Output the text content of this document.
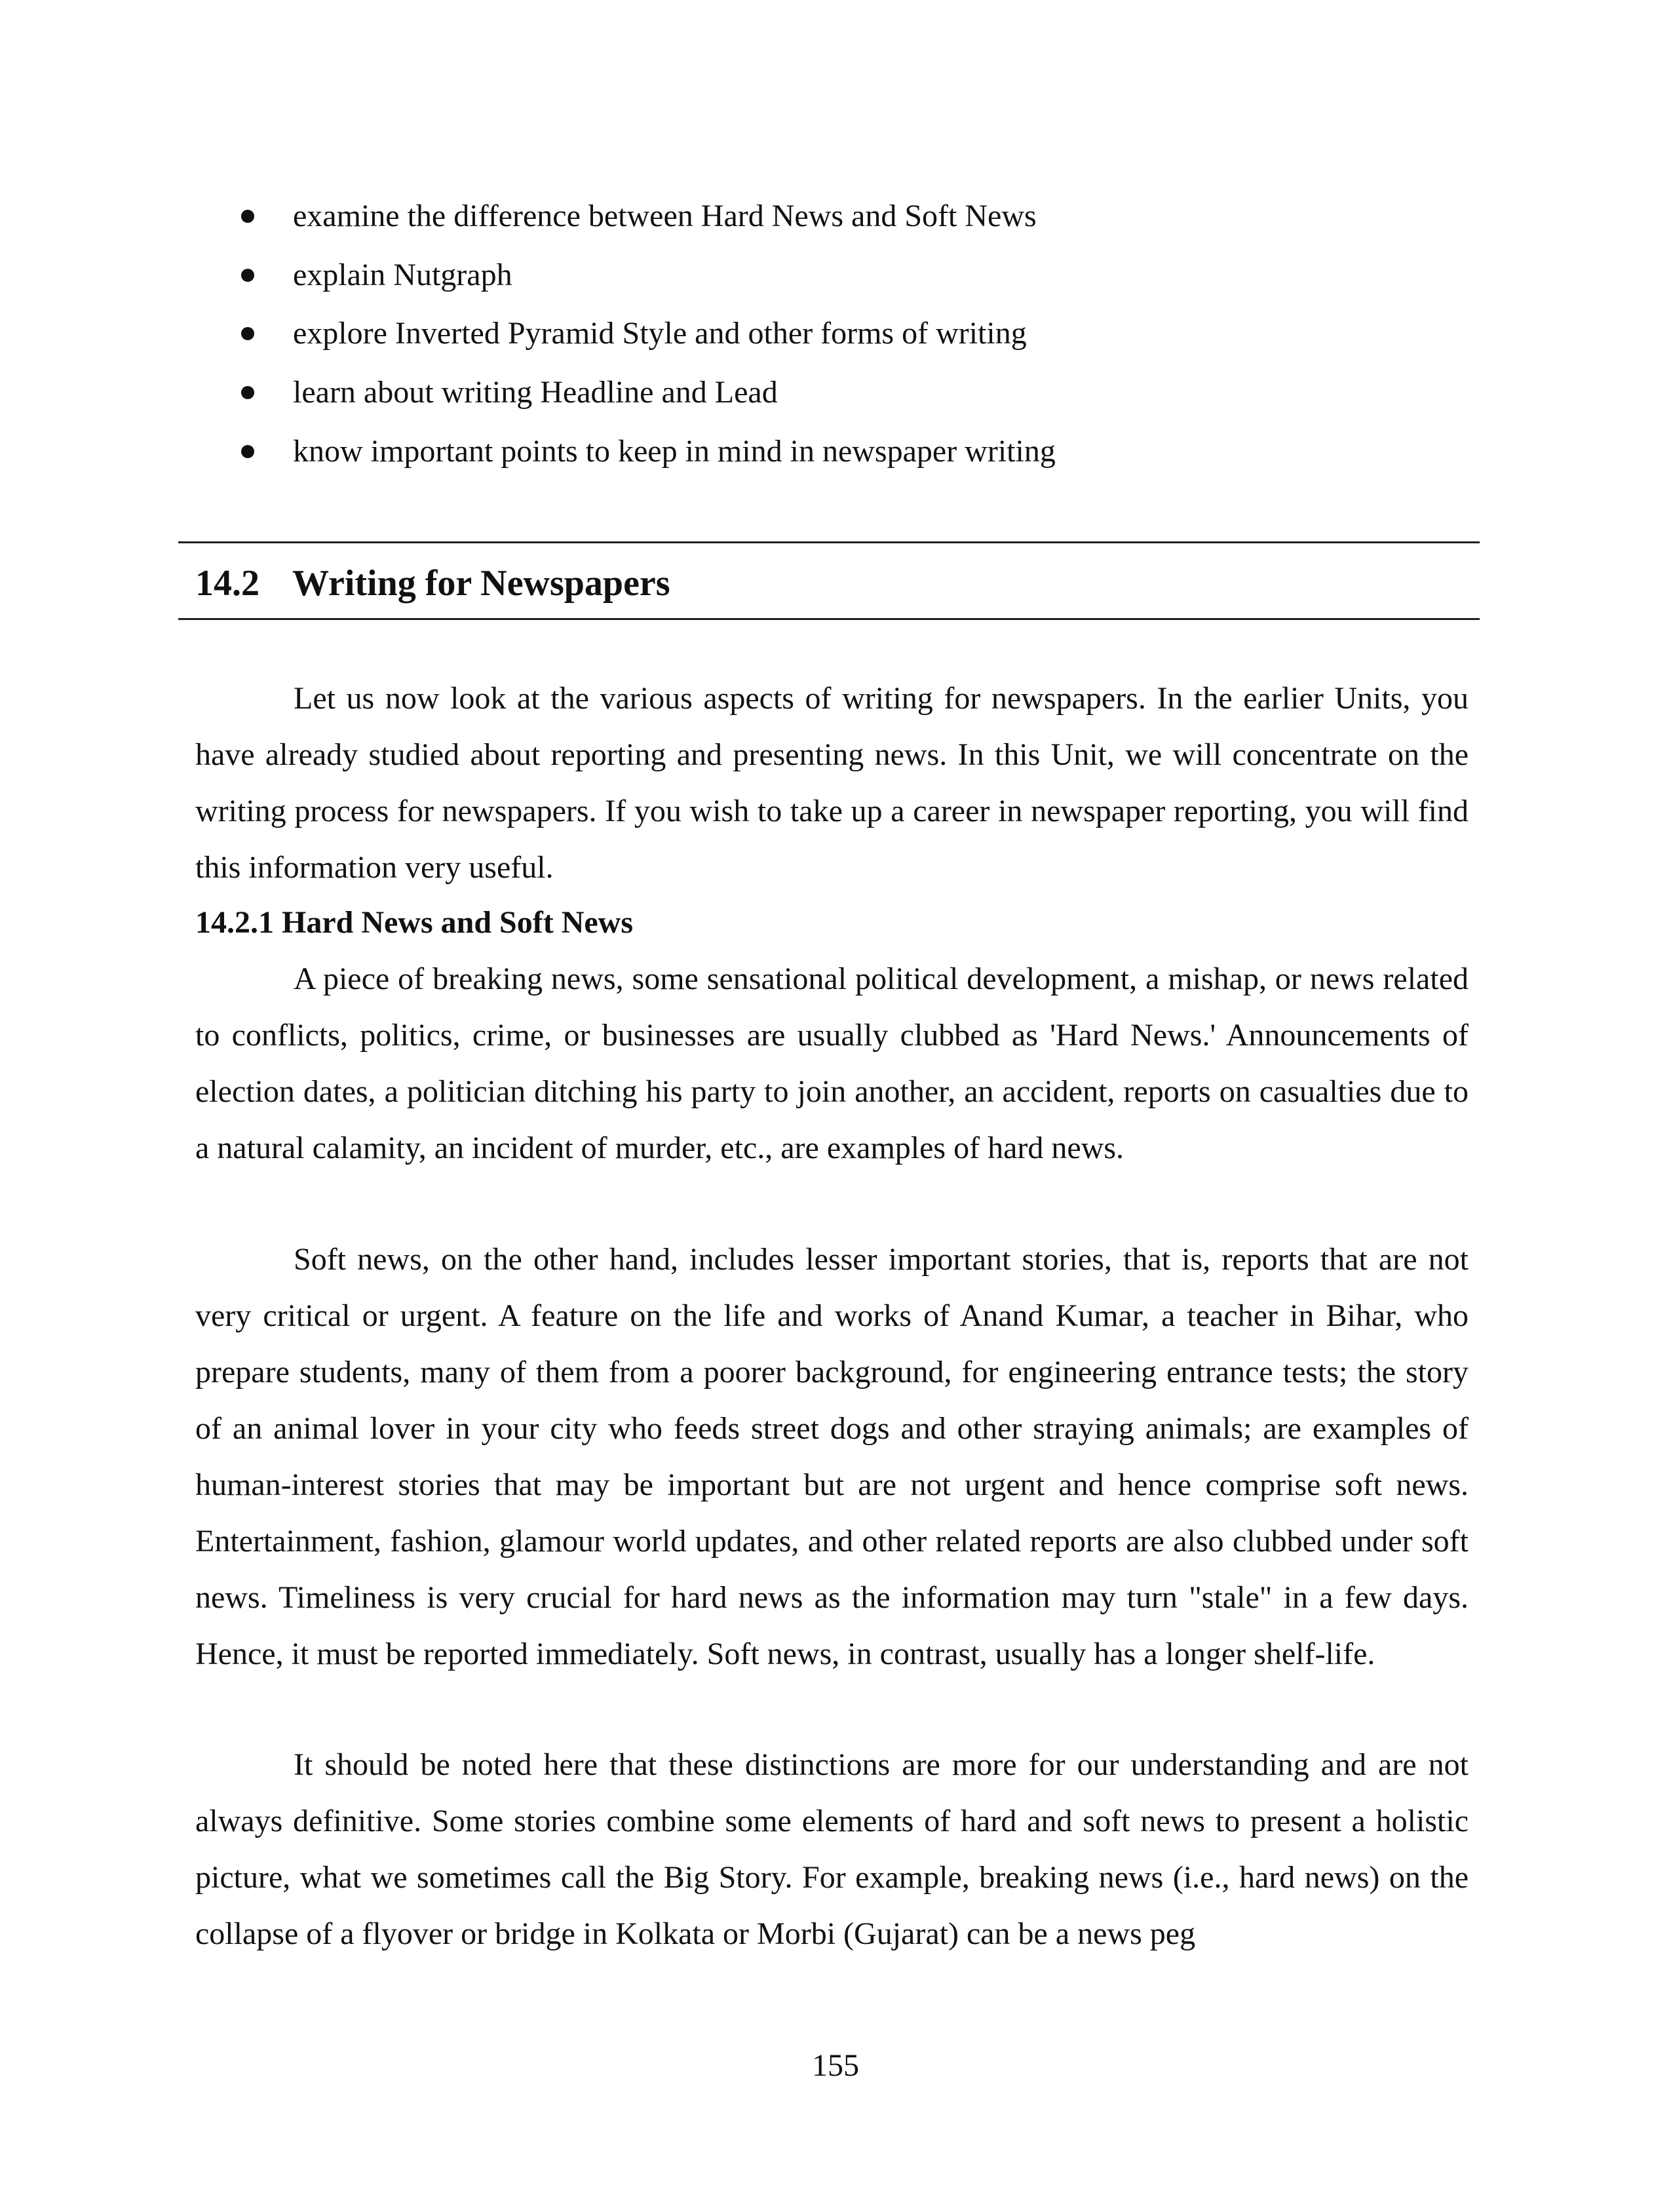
examine the difference between Hard News and Soft News
explain Nutgraph
explore Inverted Pyramid Style and other forms of writing
learn about writing Headline and Lead
know important points to keep in mind in newspaper writing
14.2 Writing for Newspapers

Let us now look at the various aspects of writing for newspapers. In the earlier Units, you have already studied about reporting and presenting news. In this Unit, we will concentrate on the writing process for newspapers. If you wish to take up a career in newspaper reporting, you will find this information very useful.

14.2.1 Hard News and Soft News

A piece of breaking news, some sensational political development, a mishap, or news related to conflicts, politics, crime, or businesses are usually clubbed as 'Hard News.' Announcements of election dates, a politician ditching his party to join another, an accident, reports on casualties due to a natural calamity, an incident of murder, etc., are examples of hard news.

Soft news, on the other hand, includes lesser important stories, that is, reports that are not very critical or urgent. A feature on the life and works of Anand Kumar, a teacher in Bihar, who prepare students, many of them from a poorer background, for engineering entrance tests; the story of an animal lover in your city who feeds street dogs and other straying animals; are examples of human-interest stories that may be important but are not urgent and hence comprise soft news. Entertainment, fashion, glamour world updates, and other related reports are also clubbed under soft news. Timeliness is very crucial for hard news as the information may turn "stale" in a few days. Hence, it must be reported immediately. Soft news, in contrast, usually has a longer shelf-life.

It should be noted here that these distinctions are more for our understanding and are not always definitive. Some stories combine some elements of hard and soft news to present a holistic picture, what we sometimes call the Big Story. For example, breaking news (i.e., hard news) on the collapse of a flyover or bridge in Kolkata or Morbi (Gujarat) can be a news peg

155
